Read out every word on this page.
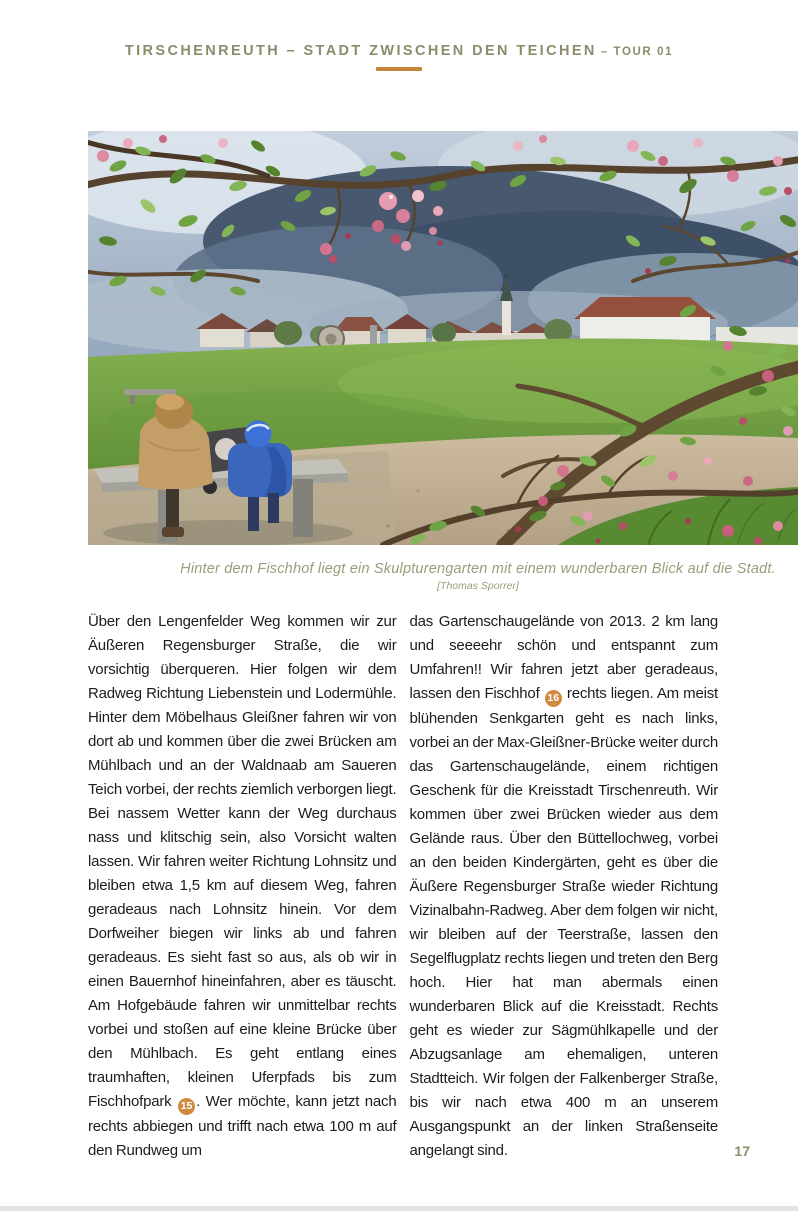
TIRSCHENREUTH – STADT ZWISCHEN DEN TEICHEN – TOUR 01
Hinter dem Fischhof liegt ein Skulpturengarten mit einem wunderbaren Blick auf die Stadt. [Thomas Sporrer]

Über den Lengenfelder Weg kommen wir zur Äußeren Regensburger Straße, die wir vorsichtig überqueren. Hier folgen wir dem Radweg Richtung Liebenstein und Lodermühle. Hinter dem Möbelhaus Gleißner fahren wir von dort ab und kommen über die zwei Brücken am Mühlbach und an der Waldnaab am Saueren Teich vorbei, der rechts ziemlich verborgen liegt. Bei nassem Wetter kann der Weg durchaus nass und klitschig sein, also Vorsicht walten lassen. Wir fahren weiter Richtung Lohnsitz und bleiben etwa 1,5 km auf diesem Weg, fahren geradeaus nach Lohnsitz hinein. Vor dem Dorfweiher biegen wir links ab und fahren geradeaus. Es sieht fast so aus, als ob wir in einen Bauernhof hineinfahren, aber es täuscht. Am Hofgebäude fahren wir unmittelbar rechts vorbei und stoßen auf eine kleine Brücke über den Mühlbach. Es geht entlang eines traumhaften, kleinen Uferpfads bis zum Fischhofpark 15 . Wer möchte, kann jetzt nach rechts abbiegen und trifft nach etwa 100 m auf den Rundweg um

das Gartenschaugelände von 2013. 2 km lang und seeeehr schön und entspannt zum Umfahren!! Wir fahren jetzt aber geradeaus, lassen den Fischhof 16 rechts liegen. Am meist blühenden Senkgarten geht es nach links, vorbei an der Max-Gleißner-Brücke weiter durch das Gartenschaugelände, einem richtigen Geschenk für die Kreisstadt Tirschenreuth. Wir kommen über zwei Brücken wieder aus dem Gelände raus. Über den Büttellochweg, vorbei an den beiden Kindergärten, geht es über die Äußere Regensburger Straße wieder Richtung Vizinalbahn-Radweg. Aber dem folgen wir nicht, wir bleiben auf der Teerstraße, lassen den Segelflugplatz rechts liegen und treten den Berg hoch. Hier hat man abermals einen wunderbaren Blick auf die Kreisstadt. Rechts geht es wieder zur Sägmühlkapelle und der Abzugsanlage am ehemaligen, unteren Stadtteich. Wir folgen der Falkenberger Straße, bis wir nach etwa 400 m an unserem Ausgangspunkt an der linken Straßenseite angelangt sind.	17
